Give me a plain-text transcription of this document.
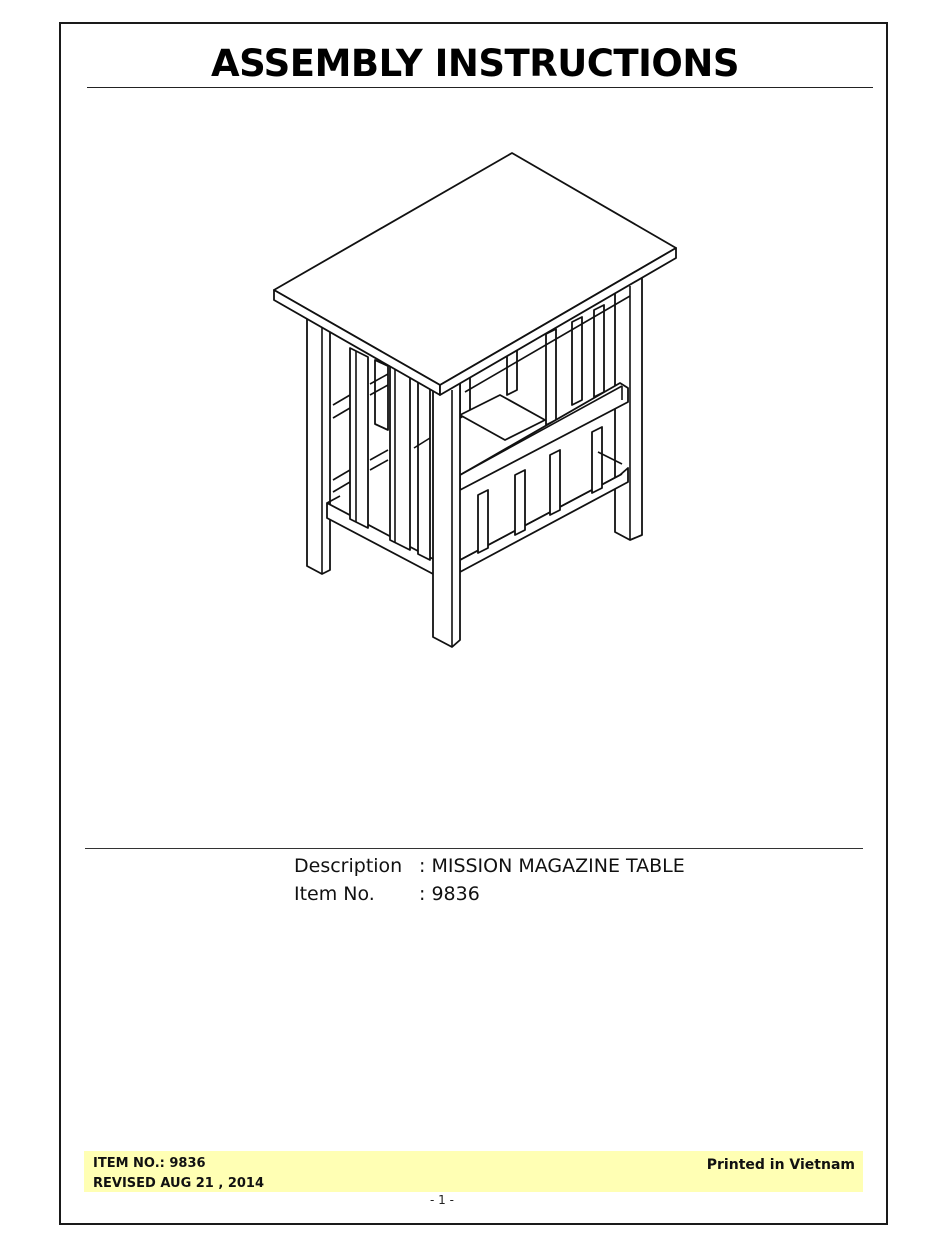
ASSEMBLY INSTRUCTIONS
Description : MISSION MAGAZINE TABLE
Item No.	: 9836
ITEM NO.: 9836
REVISED AUG 21 , 2014
Printed in Vietnam
- 1 -
